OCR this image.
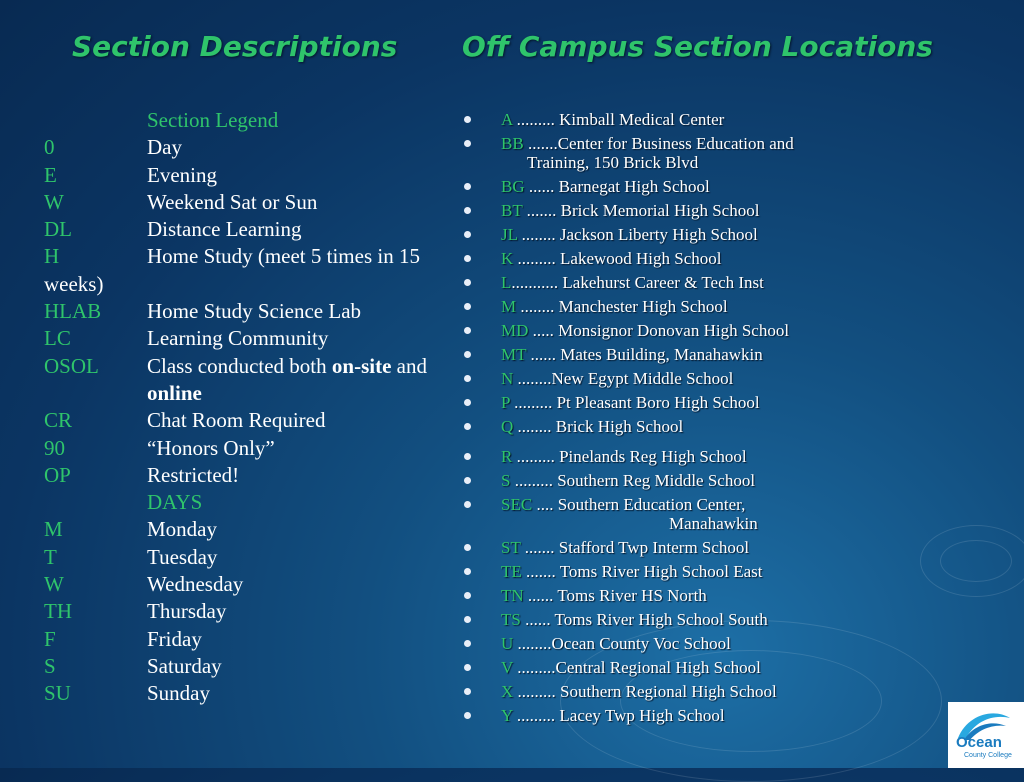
Section Descriptions Off Campus Section Locations
Section Legend
0	Day
E	Evening
W	Weekend Sat or Sun
DL	Distance Learning
H	Home Study (meet 5 times in 15
weeks)
HLAB	Home Study Science Lab
LC	Learning Community
OSOL	Class conducted both on-site and
online
CR	Chat Room Required
90	“Honors Only”
OP	Restricted!
DAYS
M	Monday
T	Tuesday
W	Wednesday
TH	Thursday
F	Friday
S	Saturday
SU	Sunday
A ......... Kimball Medical Center
BB .......Center for Business Education and
Training, 150 Brick Blvd
BG ...... Barnegat High School
BT ....... Brick Memorial High School
JL ........ Jackson Liberty High School
K ......... Lakewood High School
L........... Lakehurst Career & Tech Inst
M ........ Manchester High School
MD ..... Monsignor Donovan High School
MT ...... Mates Building, Manahawkin
N ........New Egypt Middle School
P ......... Pt Pleasant Boro High School
Q ........ Brick High School
R ......... Pinelands Reg High School
S ......... Southern Reg Middle School
SEC .... Southern Education Center,
Manahawkin
ST ....... Stafford Twp Interm School
TE ....... Toms River High School East
TN ...... Toms River HS North
TS ...... Toms River High School South
U ........Ocean County Voc School
V .........Central Regional High School
X ......... Southern Regional High School
Y ......... Lacey Twp High School
Ocean
County College
